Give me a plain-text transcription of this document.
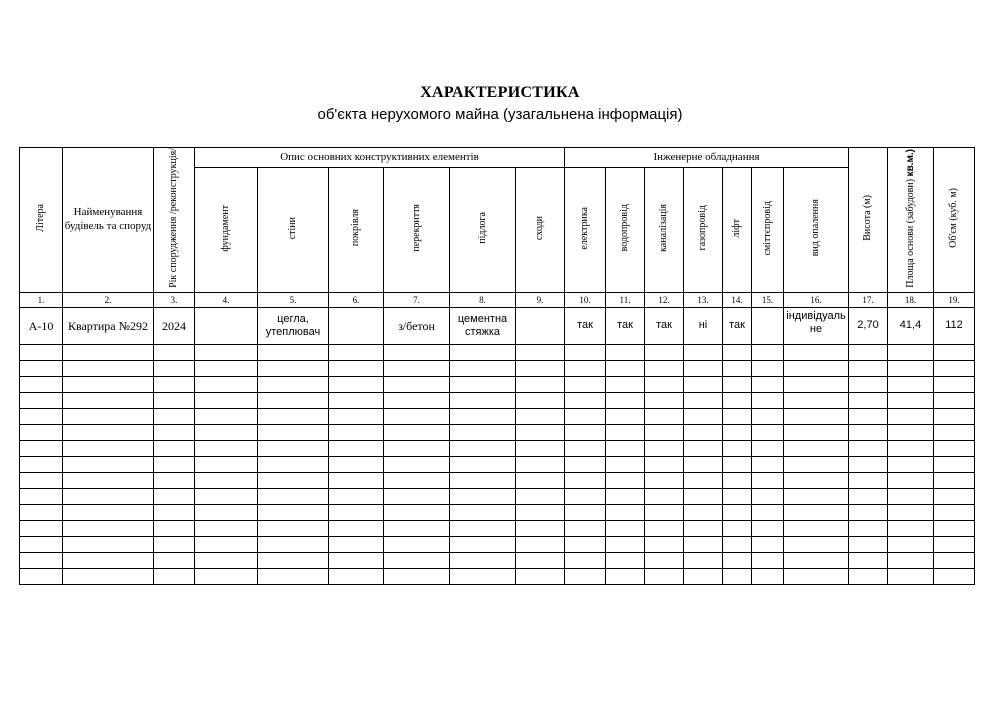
ХАРАКТЕРИСТИКА
об'єкта нерухомого майна (узагальнена інформація)
Літера	Найменування будівель та споруд	Рік спорудження /реконструкція/	Опис основних конструктивних елементів						Інженерне обладнання							Висота (м)	Площа основи (забудови) кв.м.)	Об'єм (куб. м)
			фундамент	стіни	покрівля	перекриття	підлога	сходи	електрика	водопровід	каналізація	газопровід	ліфт	сміттєпровід	вид опалення			
1.	2.	3.	4.	5.	6.	7.	8.	9.	10.	11.	12.	13.	14.	15.	16.	17.	18.	19.
А-10	Квартира №292	2024		цегла, утеплювач		з/бетон	цементна стяжка		так	так	так	ні	так		індивідуальне	2,70	41,4	112
